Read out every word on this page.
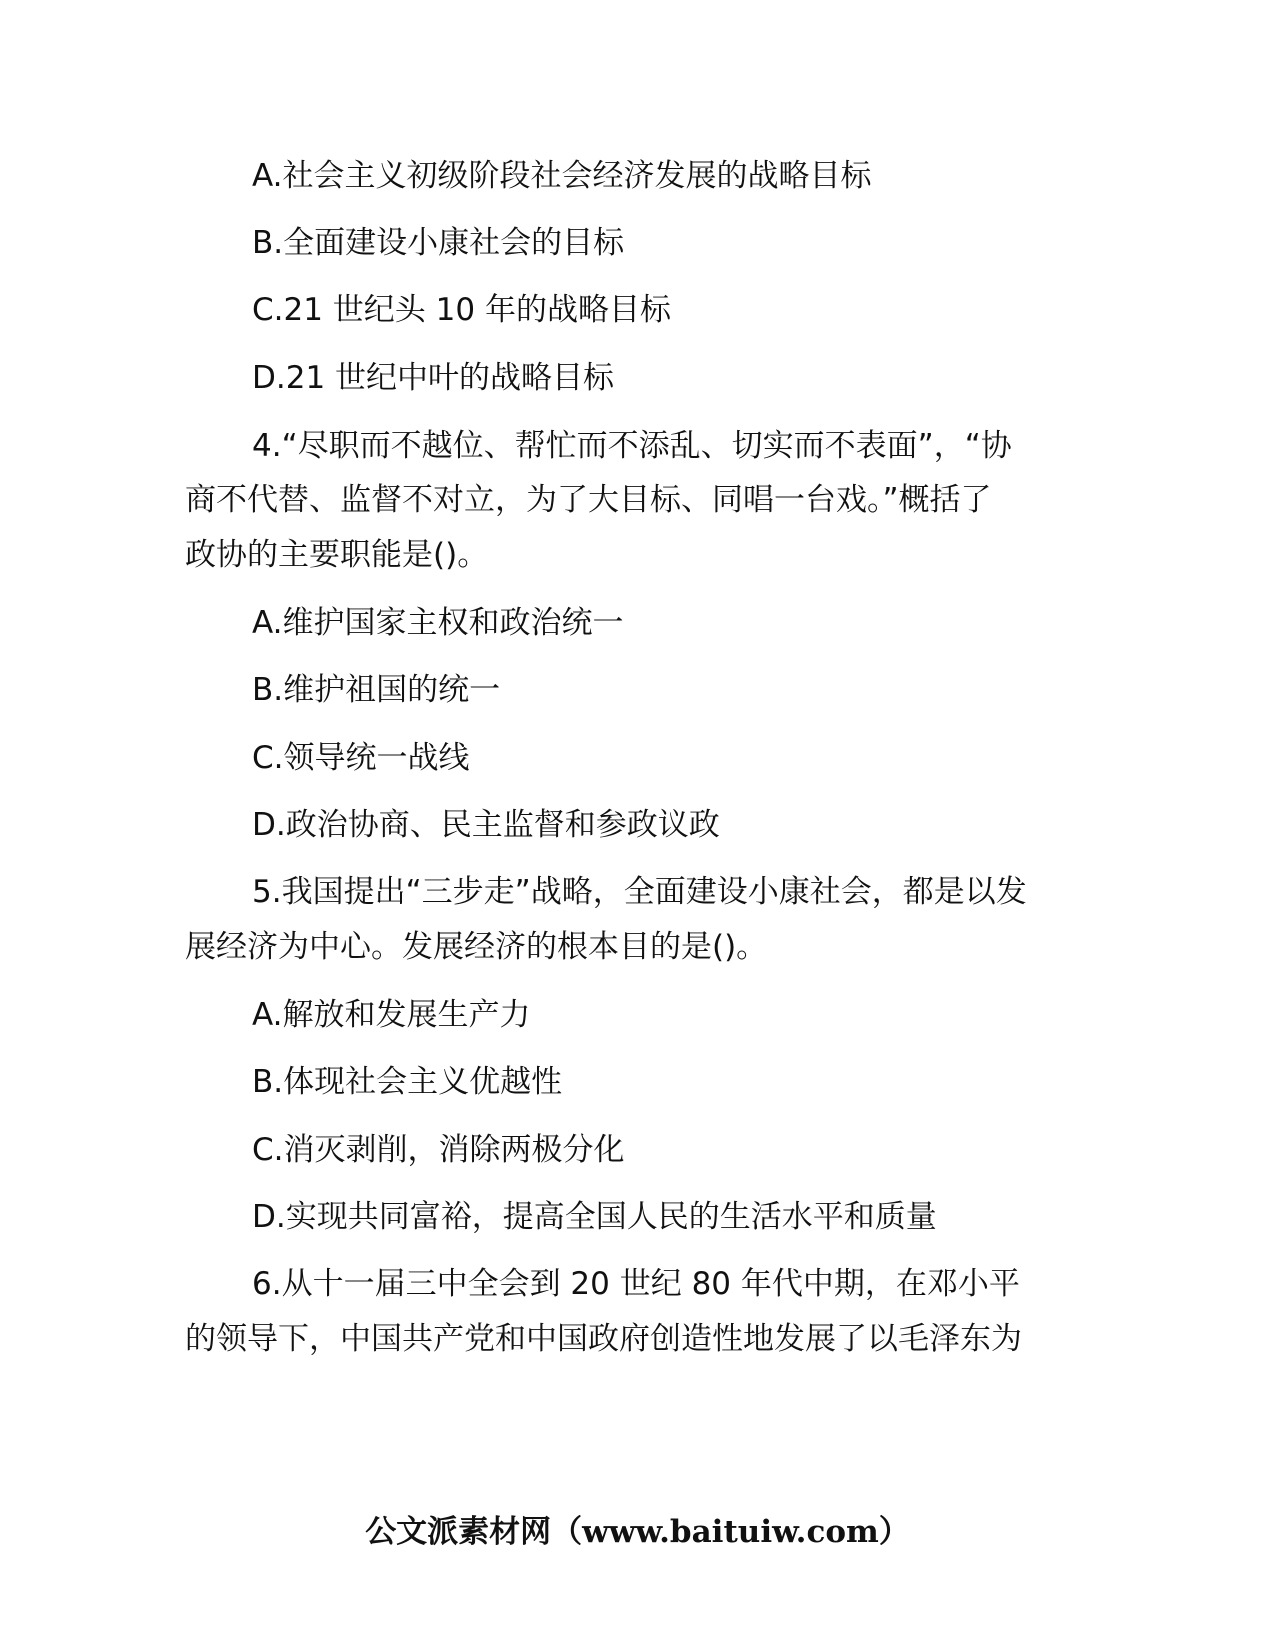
A.社会主义初级阶段社会经济发展的战略目标
B.全面建设小康社会的目标
C.21 世纪头 10 年的战略目标
D.21 世纪中叶的战略目标
4.“尽职而不越位、帮忙而不添乱、切实而不表面”，“协
商不代替、监督不对立，为了大目标、同唱一台戏。”概括了
政协的主要职能是()。
A.维护国家主权和政治统一
B.维护祖国的统一
C.领导统一战线
D.政治协商、民主监督和参政议政
5.我国提出“三步走”战略，全面建设小康社会，都是以发
展经济为中心。发展经济的根本目的是()。
A.解放和发展生产力
B.体现社会主义优越性
C.消灭剥削，消除两极分化
D.实现共同富裕，提高全国人民的生活水平和质量
6.从十一届三中全会到 20 世纪 80 年代中期，在邓小平
的领导下，中国共产党和中国政府创造性地发展了以毛泽东为
公文派素材网（www.baituiw.com）
